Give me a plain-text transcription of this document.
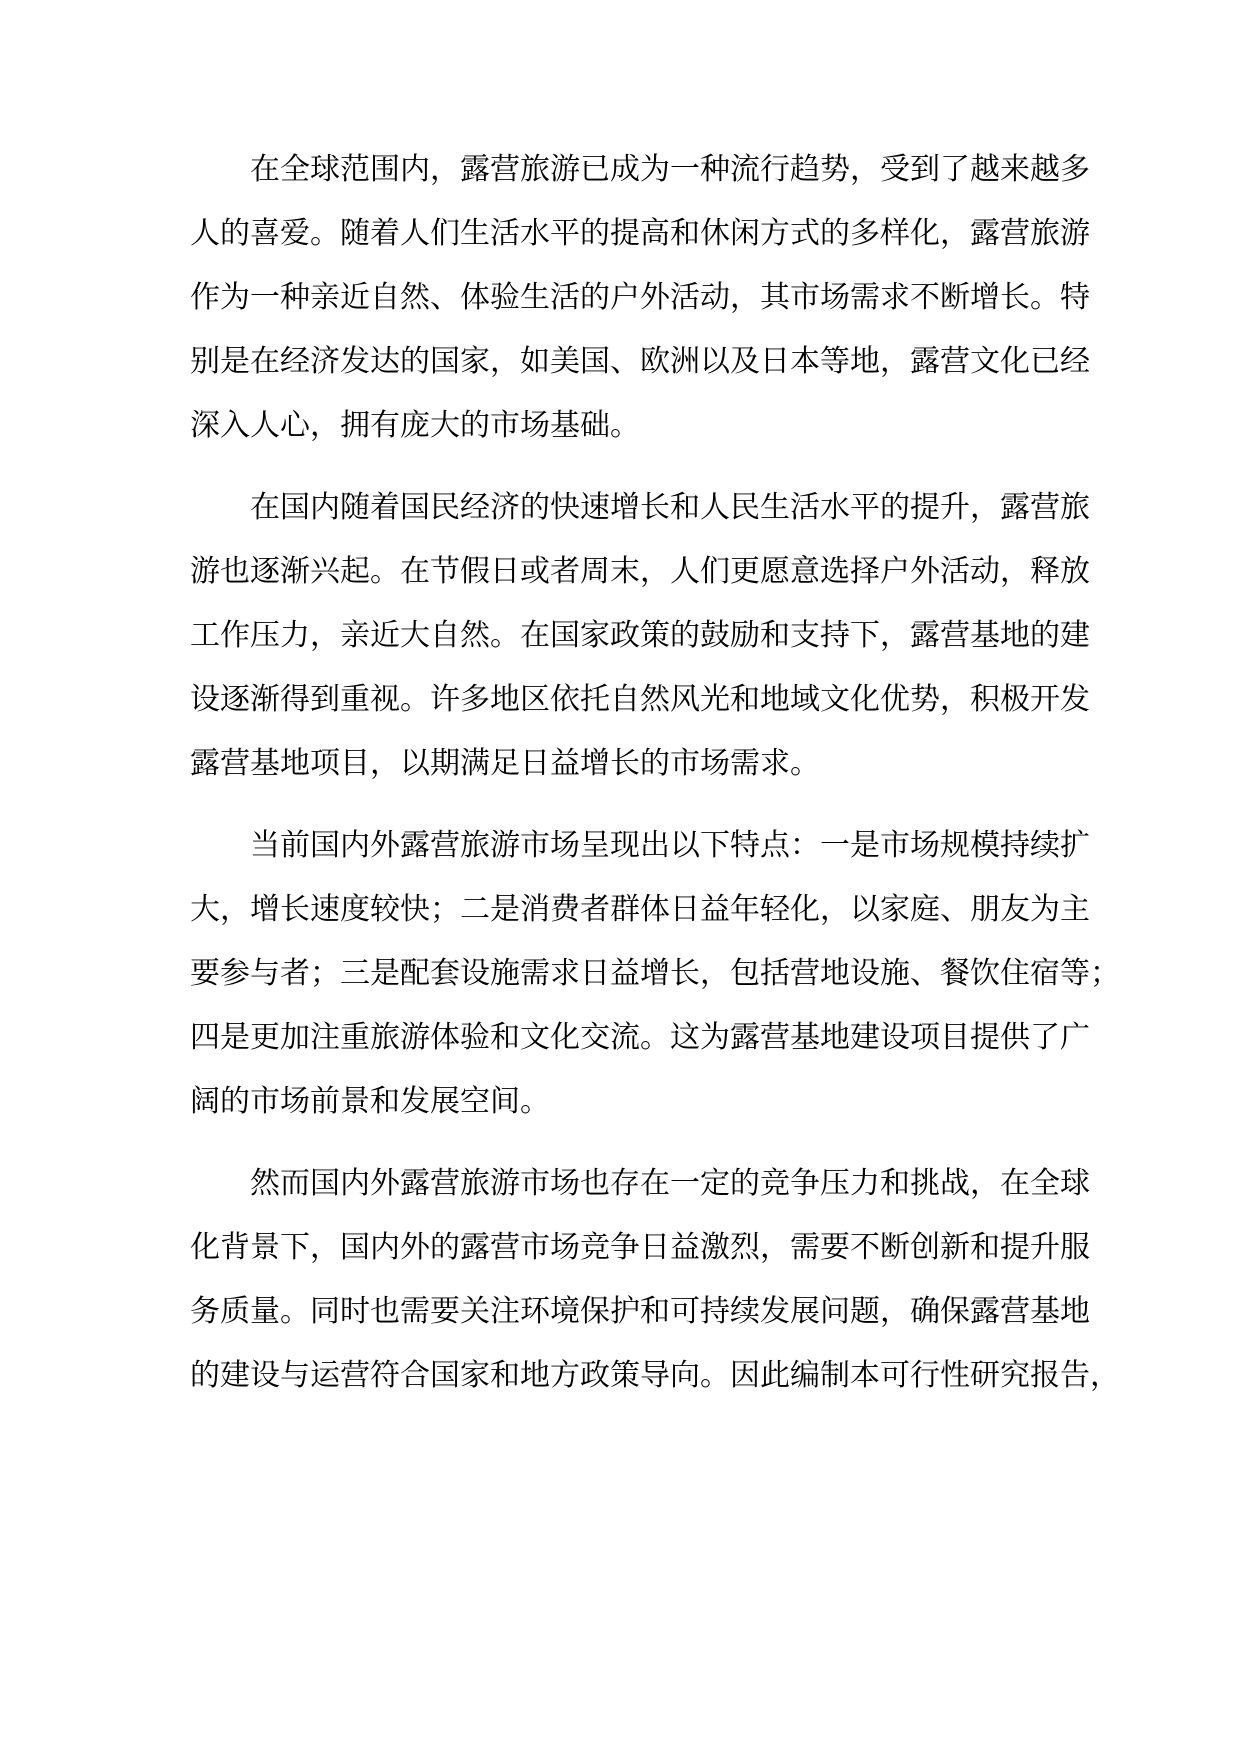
在全球范围内，露营旅游已成为一种流行趋势，受到了越来越多
人的喜爱。随着人们生活水平的提高和休闲方式的多样化，露营旅游
作为一种亲近自然、体验生活的户外活动，其市场需求不断增长。特
别是在经济发达的国家，如美国、欧洲以及日本等地，露营文化已经
深入人心，拥有庞大的市场基础。
在国内随着国民经济的快速增长和人民生活水平的提升，露营旅
游也逐渐兴起。在节假日或者周末，人们更愿意选择户外活动，释放
工作压力，亲近大自然。在国家政策的鼓励和支持下，露营基地的建
设逐渐得到重视。许多地区依托自然风光和地域文化优势，积极开发
露营基地项目，以期满足日益增长的市场需求。
当前国内外露营旅游市场呈现出以下特点：一是市场规模持续扩
大，增长速度较快；二是消费者群体日益年轻化，以家庭、朋友为主
要参与者；三是配套设施需求日益增长，包括营地设施、餐饮住宿等；
四是更加注重旅游体验和文化交流。这为露营基地建设项目提供了广
阔的市场前景和发展空间。
然而国内外露营旅游市场也存在一定的竞争压力和挑战，在全球
化背景下，国内外的露营市场竞争日益激烈，需要不断创新和提升服
务质量。同时也需要关注环境保护和可持续发展问题，确保露营基地
的建设与运营符合国家和地方政策导向。因此编制本可行性研究报告，
